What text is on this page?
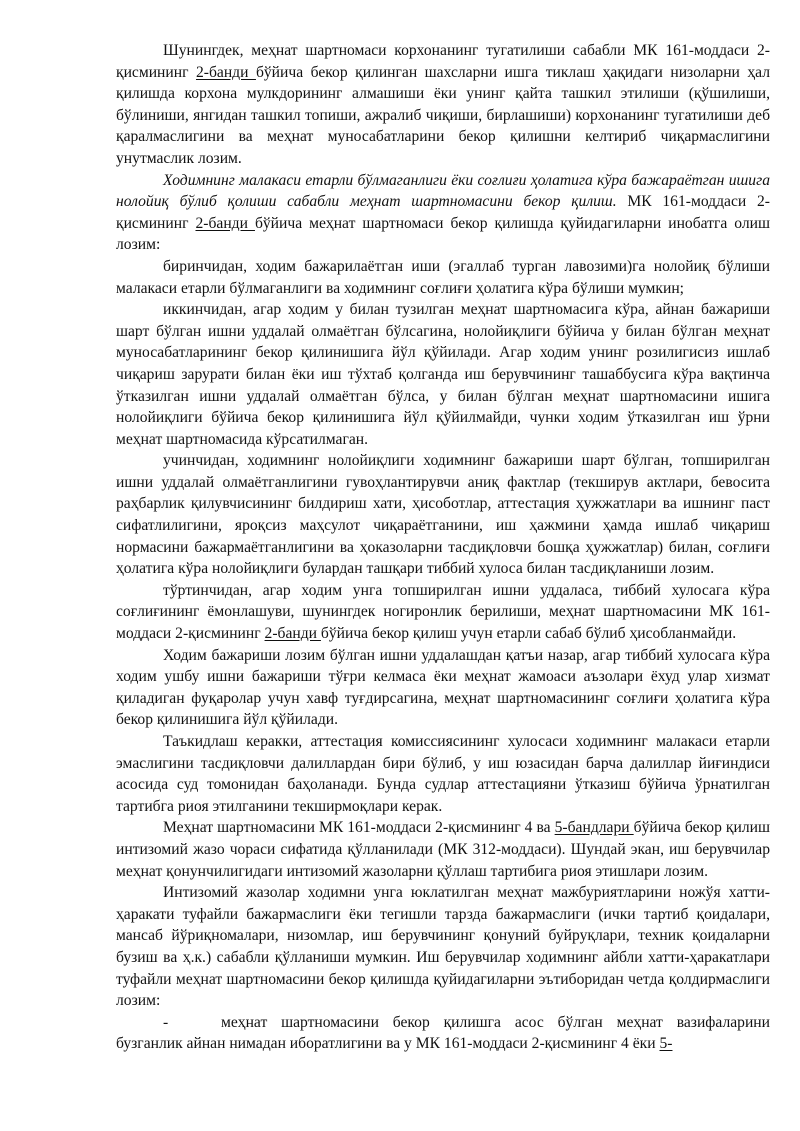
Шунингдек, меҳнат шартномаси корхонанинг тугатилиши сабабли МК 161-моддаси 2-қисмининг 2-банди бўйича бекор қилинган шахсларни ишга тиклаш ҳақидаги низоларни ҳал қилишда корхона мулкдорининг алмашиши ёки унинг қайта ташкил этилиши (қўшилиши, бўлиниши, янгидан ташкил топиши, ажралиб чиқиши, бирлашиши) корхонанинг тугатилиши деб қаралмаслигини ва меҳнат муносабатларини бекор қилишни келтириб чиқармаслигини унутмаслик лозим.

Ходимнинг малакаси етарли бўлмаганлиги ёки соғлиғи ҳолатига кўра бажараётган ишига нолойиқ бўлиб қолиши сабабли меҳнат шартномасини бекор қилиш. МК 161-моддаси 2-қисмининг 2-банди бўйича меҳнат шартномаси бекор қилишда қуйидагиларни инобатга олиш лозим:

биринчидан, ходим бажарилаётган иши (эгаллаб турган лавозими)га нолойиқ бўлиши малакаси етарли бўлмаганлиги ва ходимнинг соғлиғи ҳолатига кўра бўлиши мумкин;

иккинчидан, агар ходим у билан тузилган меҳнат шартномасига кўра, айнан бажариши шарт бўлган ишни уддалай олмаётган бўлсагина, нолойиқлиги бўйича у билан бўлган меҳнат муносабатларининг бекор қилинишига йўл қўйилади. Агар ходим унинг розилигисиз ишлаб чиқариш зарурати билан ёки иш тўхтаб қолганда иш берувчининг ташаббусига кўра вақтинча ўтказилган ишни уддалай олмаётган бўлса, у билан бўлган меҳнат шартномасини ишига нолойиқлиги бўйича бекор қилинишига йўл қўйилмайди, чунки ходим ўтказилган иш ўрни меҳнат шартномасида кўрсатилмаган.

учинчидан, ходимнинг нолойиқлиги ходимнинг бажариши шарт бўлган, топширилган ишни уддалай олмаётганлигини гувоҳлантирувчи аниқ фактлар (текширув актлари, бевосита раҳбарлик қилувчисининг билдириш хати, ҳисоботлар, аттестация ҳужжатлари ва ишнинг паст сифатлилигини, яроқсиз маҳсулот чиқараётганини, иш ҳажмини ҳамда ишлаб чиқариш нормасини бажармаётганлигини ва ҳоказоларни тасдиқловчи бошқа ҳужжатлар) билан, соғлиғи ҳолатига кўра нолойиқлиги булардан ташқари тиббий хулоса билан тасдиқланиши лозим.

тўртинчидан, агар ходим унга топширилган ишни уддаласа, тиббий хулосага кўра соғлиғининг ёмонлашуви, шунингдек ногиронлик берилиши, меҳнат шартномасини МК 161-моддаси 2-қисмининг 2-банди бўйича бекор қилиш учун етарли сабаб бўлиб ҳисобланмайди.

Ходим бажариши лозим бўлган ишни уддалашдан қатъи назар, агар тиббий хулосага кўра ходим ушбу ишни бажариши тўғри келмаса ёки меҳнат жамоаси аъзолари ёхуд улар хизмат қиладиган фуқаролар учун хавф туғдирсагина, меҳнат шартномасининг соғлиғи ҳолатига кўра бекор қилинишига йўл қўйилади.

Таъкидлаш керакки, аттестация комиссиясининг хулосаси ходимнинг малакаси етарли эмаслигини тасдиқловчи далиллардан бири бўлиб, у иш юзасидан барча далиллар йиғиндиси асосида суд томонидан баҳоланади. Бунда судлар аттестацияни ўтказиш бўйича ўрнатилган тартибга риоя этилганини текширмоқлари керак.

Меҳнат шартномасини МК 161-моддаси 2-қисмининг 4 ва 5-бандлари бўйича бекор қилиш интизомий жазо чораси сифатида қўлланилади (МК 312-моддаси). Шундай экан, иш берувчилар меҳнат қонунчилигидаги интизомий жазоларни қўллаш тартибига риоя этишлари лозим.

Интизомий жазолар ходимни унга юклатилган меҳнат мажбуриятларини ножўя хатти-ҳаракати туфайли бажармаслиги ёки тегишли тарзда бажармаслиги (ички тартиб қоидалари, мансаб йўриқномалари, низомлар, иш берувчининг қонуний буйруқлари, техник қоидаларни бузиш ва ҳ.к.) сабабли қўлланиши мумкин. Иш берувчилар ходимнинг айбли хатти-ҳаракатлари туфайли меҳнат шартномасини бекор қилишда қуйидагиларни эътиборидан четда қолдирмаслиги лозим:

-	меҳнат шартномасини бекор қилишга асос бўлган меҳнат вазифаларини бузганлик айнан нимадан иборатлигини ва у МК 161-моддаси 2-қисмининг 4 ёки 5-
